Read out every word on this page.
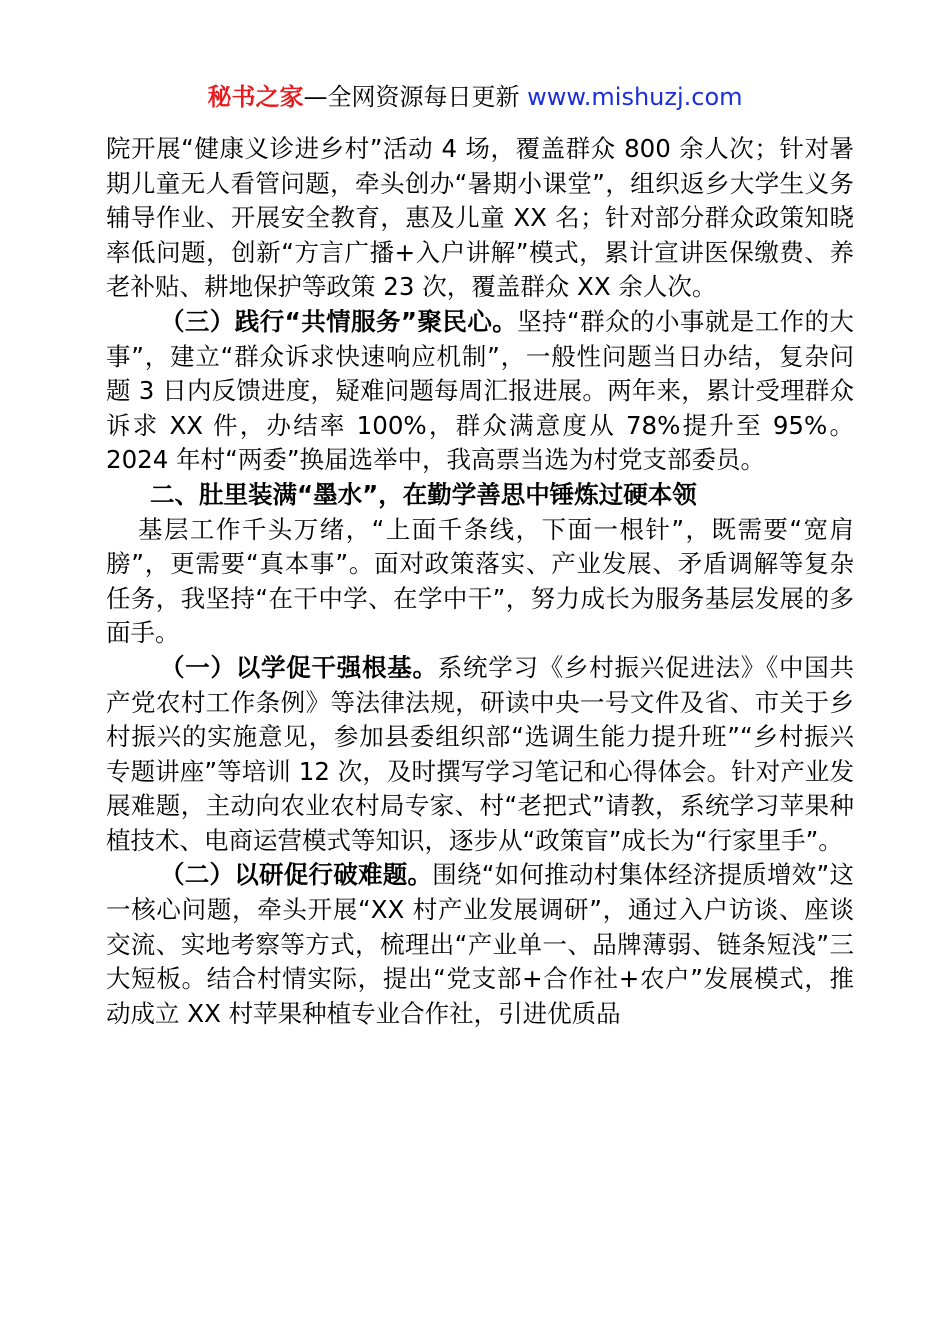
秘书之家—全网资源每日更新 www.mishuzj.com

院开展“健康义诊进乡村”活动 4 场，覆盖群众 800 余人次；针对暑期儿童无人看管问题，牵头创办“暑期小课堂”，组织返乡大学生义务辅导作业、开展安全教育，惠及儿童 XX 名；针对部分群众政策知晓率低问题，创新“方言广播+入户讲解”模式，累计宣讲医保缴费、养老补贴、耕地保护等政策 23 次，覆盖群众 XX 余人次。

（三）践行“共情服务”聚民心。坚持“群众的小事就是工作的大事”，建立“群众诉求快速响应机制”，一般性问题当日办结，复杂问题 3 日内反馈进度，疑难问题每周汇报进展。两年来，累计受理群众诉求 XX 件，办结率 100%，群众满意度从 78%提升至 95%。2024 年村“两委”换届选举中，我高票当选为村党支部委员。

二、肚里装满“墨水”，在勤学善思中锤炼过硬本领

基层工作千头万绪，“上面千条线，下面一根针”，既需要“宽肩膀”，更需要“真本事”。面对政策落实、产业发展、矛盾调解等复杂任务，我坚持“在干中学、在学中干”，努力成长为服务基层发展的多面手。

（一）以学促干强根基。系统学习《乡村振兴促进法》《中国共产党农村工作条例》等法律法规，研读中央一号文件及省、市关于乡村振兴的实施意见，参加县委组织部“选调生能力提升班”“乡村振兴专题讲座”等培训 12 次，及时撰写学习笔记和心得体会。针对产业发展难题，主动向农业农村局专家、村“老把式”请教，系统学习苹果种植技术、电商运营模式等知识，逐步从“政策盲”成长为“行家里手”。

（二）以研促行破难题。围绕“如何推动村集体经济提质增效”这一核心问题，牵头开展“XX 村产业发展调研”，通过入户访谈、座谈交流、实地考察等方式，梳理出“产业单一、品牌薄弱、链条短浅”三大短板。结合村情实际，提出“党支部+合作社+农户”发展模式，推动成立 XX 村苹果种植专业合作社，引进优质品
